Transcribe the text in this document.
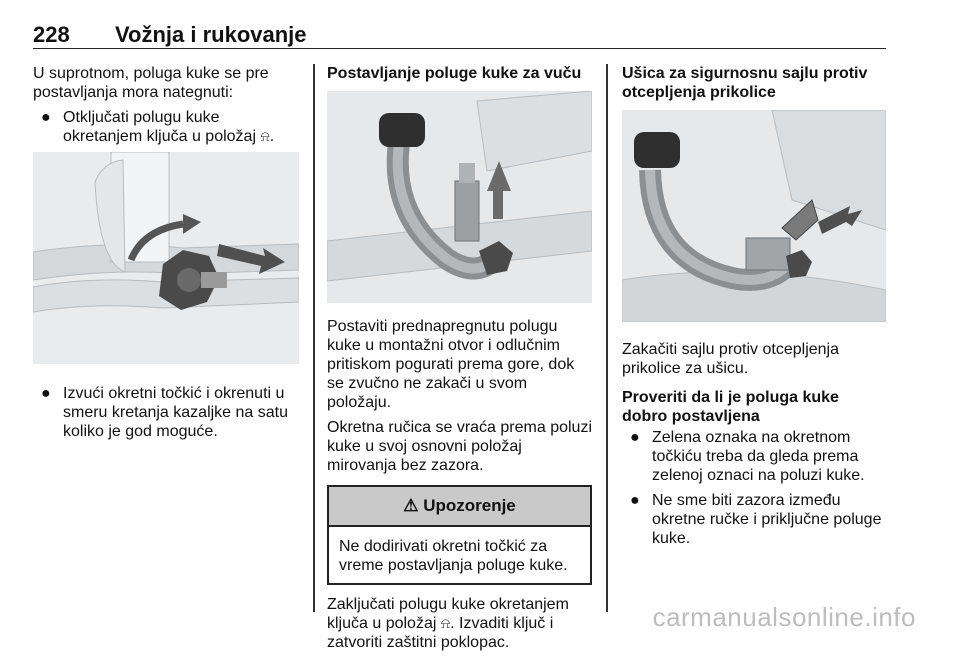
228 Vožnja i rukovanje

U suprotnom, poluga kuke se pre postavljanja mora nategnuti:

● Otključati polugu kuke okretanjem ključa u položaj ⍾.
● Izvući okretni točkić i okrenuti u smeru kretanja kazaljke na satu koliko je god moguće.
Postavljanje poluge kuke za vuču

Postaviti prednapregnutu polugu kuke u montažni otvor i odlučnim pritiskom pogurati prema gore, dok se zvučno ne zakači u svom položaju.

Okretna ručica se vraća prema poluzi kuke u svoj osnovni položaj mirovanja bez zazora.

⚠ Upozorenje
Ne dodirivati okretni točkić za vreme postavljanja poluge kuke.

Zaključati polugu kuke okretanjem ključa u položaj ⍾. Izvaditi ključ i zatvoriti zaštitni poklopac.

Ušica za sigurnosnu sajlu protiv otcepljenja prikolice

Zakačiti sajlu protiv otcepljenja prikolice za ušicu.

Proveriti da li je poluga kuke dobro postavljena
● Zelena oznaka na okretnom točkiću treba da gleda prema zelenoj oznaci na poluzi kuke.
● Ne sme biti zazora između okretne ručke i priključne poluge kuke.
carmanualsonline.info
